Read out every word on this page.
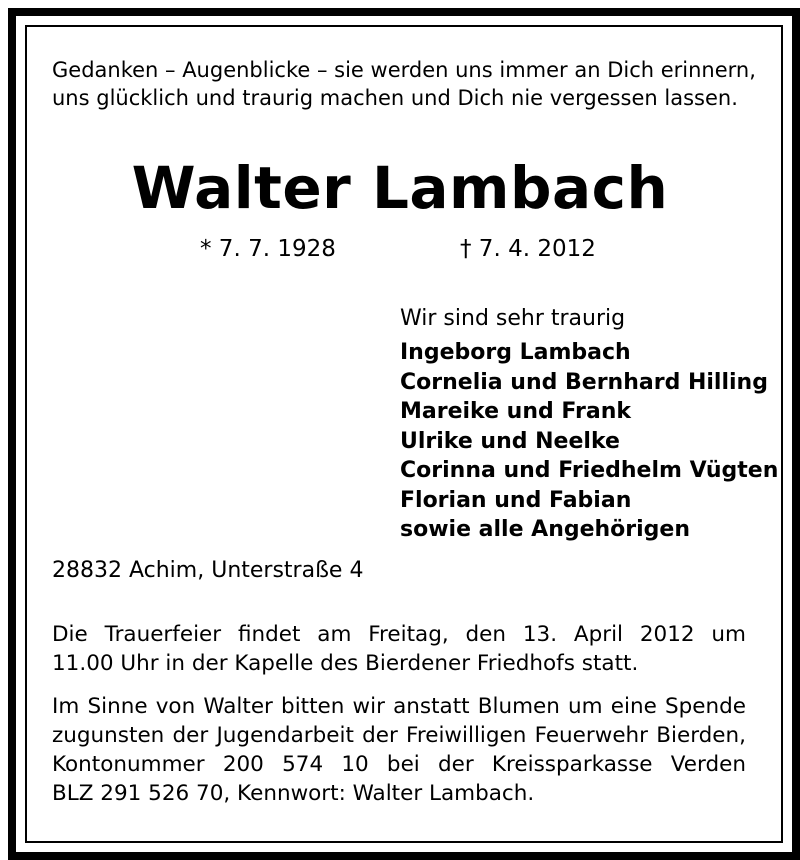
Gedanken – Augenblicke – sie werden uns immer an Dich erinnern,
uns glücklich und traurig machen und Dich nie vergessen lassen.
Walter Lambach
* 7. 7. 1928	† 7. 4. 2012
Wir sind sehr traurig
Ingeborg Lambach
Cornelia und Bernhard Hilling
Mareike und Frank
Ulrike und Neelke
Corinna und Friedhelm Vügten
Florian und Fabian
sowie alle Angehörigen
28832 Achim, Unterstraße 4
Die Trauerfeier findet am Freitag, den 13. April 2012 um
11.00 Uhr in der Kapelle des Bierdener Friedhofs statt.
Im Sinne von Walter bitten wir anstatt Blumen um eine Spende
zugunsten der Jugendarbeit der Freiwilligen Feuerwehr Bierden,
Kontonummer 200 574 10 bei der Kreissparkasse Verden
BLZ 291 526 70, Kennwort: Walter Lambach.
